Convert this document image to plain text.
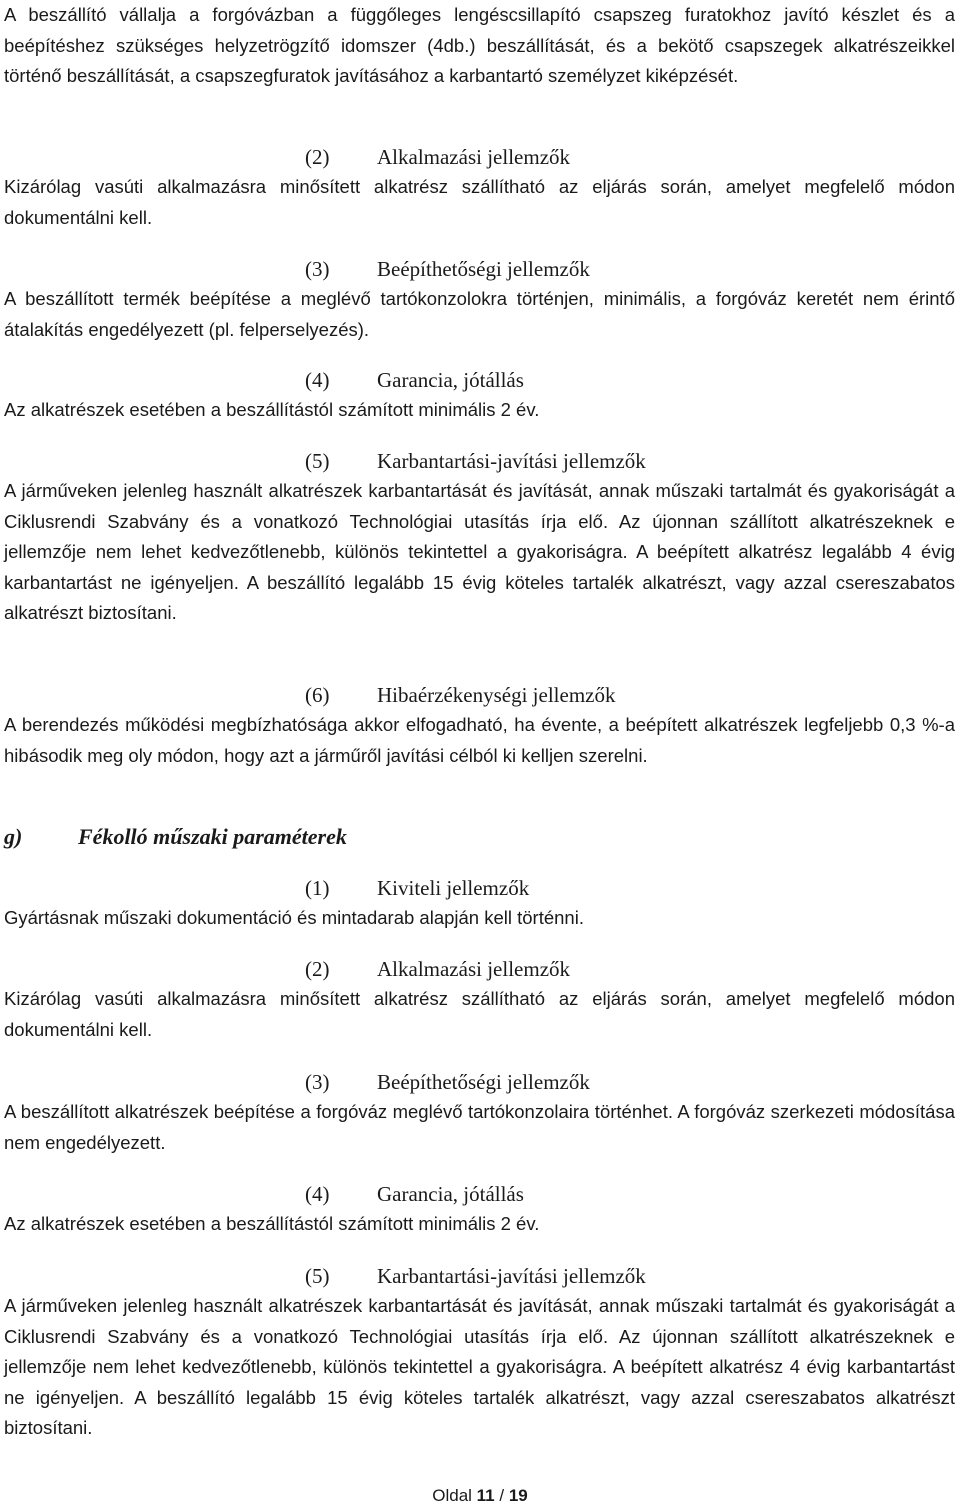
A beszállító vállalja a forgóvázban a függőleges lengéscsillapító csapszeg furatokhoz javító készlet és a beépítéshez szükséges helyzetrögzítő idomszer (4db.) beszállítását, és a bekötő csapszegek alkatrészeikkel történő beszállítását, a csapszegfuratok javításához a karbantartó személyzet kiképzését.

(2) Alkalmazási jellemzők

Kizárólag vasúti alkalmazásra minősített alkatrész szállítható az eljárás során, amelyet megfelelő módon dokumentálni kell.

(3) Beépíthetőségi jellemzők

A beszállított termék beépítése a meglévő tartókonzolokra történjen, minimális, a forgóváz keretét nem érintő átalakítás engedélyezett (pl. felperselyezés).

(4) Garancia, jótállás

Az alkatrészek esetében a beszállítástól számított minimális 2 év.

(5) Karbantartási-javítási jellemzők

A járműveken jelenleg használt alkatrészek karbantartását és javítását, annak műszaki tartalmát és gyakoriságát a Ciklusrendi Szabvány és a vonatkozó Technológiai utasítás írja elő. Az újonnan szállított alkatrészeknek e jellemzője nem lehet kedvezőtlenebb, különös tekintettel a gyakoriságra. A beépített alkatrész legalább 4 évig karbantartást ne igényeljen. A beszállító legalább 15 évig köteles tartalék alkatrészt, vagy azzal csereszabatos alkatrészt biztosítani.

(6) Hibaérzékenységi jellemzők

A berendezés működési megbízhatósága akkor elfogadható, ha évente, a beépített alkatrészek legfeljebb 0,3 %-a hibásodik meg oly módon, hogy azt a járműről javítási célból ki kelljen szerelni.

g)	Fékolló műszaki paraméterek
(1) Kiviteli jellemzők

Gyártásnak műszaki dokumentáció és mintadarab alapján kell történni.

(2) Alkalmazási jellemzők

Kizárólag vasúti alkalmazásra minősített alkatrész szállítható az eljárás során, amelyet megfelelő módon dokumentálni kell.

(3) Beépíthetőségi jellemzők

A beszállított alkatrészek beépítése a forgóváz meglévő tartókonzolaira történhet. A forgóváz szerkezeti módosítása nem engedélyezett.

(4) Garancia, jótállás

Az alkatrészek esetében a beszállítástól számított minimális 2 év.

(5) Karbantartási-javítási jellemzők

A járműveken jelenleg használt alkatrészek karbantartását és javítását, annak műszaki tartalmát és gyakoriságát a Ciklusrendi Szabvány és a vonatkozó Technológiai utasítás írja elő. Az újonnan szállított alkatrészeknek e jellemzője nem lehet kedvezőtlenebb, különös tekintettel a gyakoriságra. A beépített alkatrész 4 évig karbantartást ne igényeljen. A beszállító legalább 15 évig köteles tartalék alkatrészt, vagy azzal csereszabatos alkatrészt biztosítani.

Oldal 11 / 19
